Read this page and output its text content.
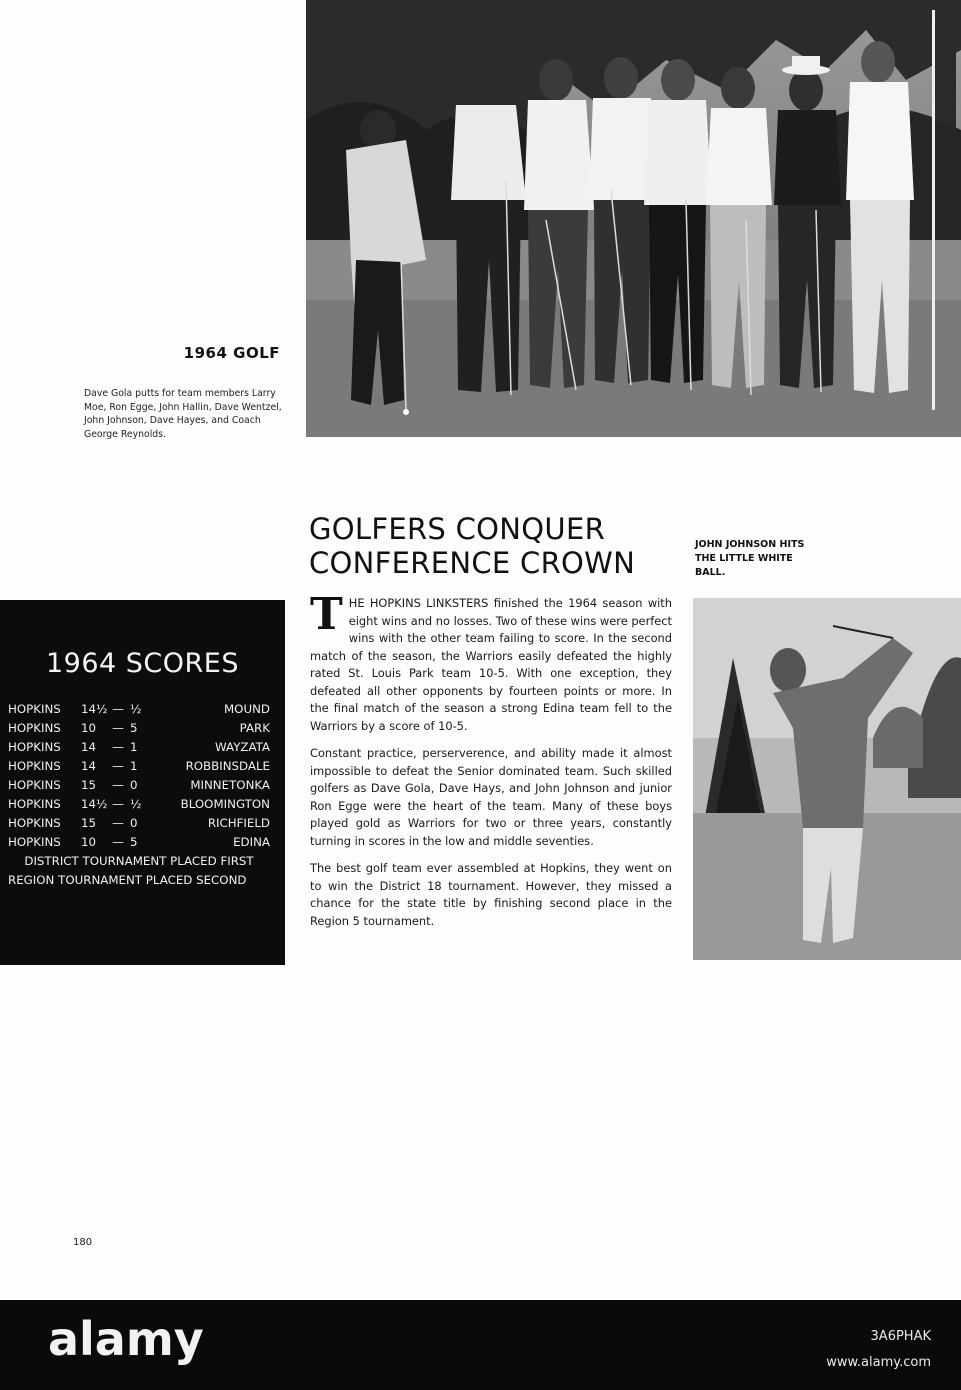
1964 GOLF
Dave Gola putts for team members Larry Moe, Ron Egge, John Hallin, Dave Wentzel, John Johnson, Dave Hayes, and Coach George Reynolds.
GOLFERS CONQUER
CONFERENCE CROWN
JOHN JOHNSON HITS THE LITTLE WHITE BALL.

THE HOPKINS LINKSTERS finished the 1964 season with eight wins and no losses. Two of these wins were perfect wins with the other team failing to score. In the second match of the season, the Warriors easily defeated the highly rated St. Louis Park team 10-5. With one exception, they defeated all other opponents by fourteen points or more. In the final match of the season a strong Edina team fell to the Warriors by a score of 10-5.

Constant practice, perserverence, and ability made it almost impossible to defeat the Senior dominated team. Such skilled golfers as Dave Gola, Dave Hays, and John Johnson and junior Ron Egge were the heart of the team. Many of these boys played gold as Warriors for two or three years, constantly turning in scores in the low and middle seventies.

The best golf team ever assembled at Hopkins, they went on to win the District 18 tournament. However, they missed a chance for the state title by finishing second place in the Region 5 tournament.

1964 SCORES
HOPKINS	14½ — ½	MOUND
HOPKINS	10	— 5	PARK
HOPKINS	14	— 1	WAYZATA
HOPKINS	14	— 1	ROBBINSDALE
HOPKINS	15	— 0	MINNETONKA
HOPKINS	14½ — ½	BLOOMINGTON
HOPKINS	15	— 0	RICHFIELD
HOPKINS	10	— 5	EDINA
DISTRICT TOURNAMENT PLACED FIRST
REGION TOURNAMENT PLACED SECOND
180
alamy	3A6PHAK
www.alamy.com
